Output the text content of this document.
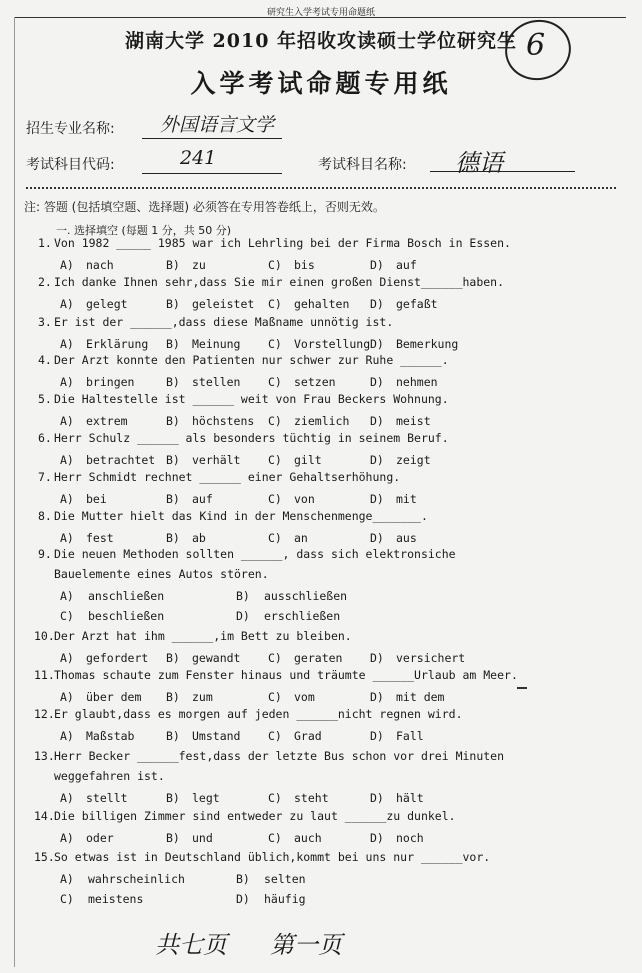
研究生入学考试专用命题纸
湖南大学 2010 年招收攻读硕士学位研究生
入学考试命题专用纸
6
招生专业名称: 外国语言文学
考试科目代码:	241	考试科目名称: 德语
注: 答题 (包括填空题、选择题) 必须答在专用答卷纸上，否则无效。
一. 选择填空 (每题 1 分，共 50 分)
1. Von 1982 _____ 1985 war ich Lehrling bei der Firma Bosch in Essen.
A) nach	B) zu	C) bis	D) auf
2. Ich danke Ihnen sehr,dass Sie mir einen großen Dienst______haben.
A) gelegt	B) geleistet C) gehalten D) gefaßt
3. Er ist der ______,dass diese Maßname unnötig ist.
A) Erklärung B) Meinung C) Vorstellung D) Bemerkung
4. Der Arzt konnte den Patienten nur schwer zur Ruhe ______.
A) bringen	B) stellen C) setzen	D) nehmen
5. Die Haltestelle ist ______ weit von Frau Beckers Wohnung.
A) extrem	B) höchstens C) ziemlich D) meist
6. Herr Schulz ______ als besonders tüchtig in seinem Beruf.
A) betrachtet B) verhält C) gilt	D) zeigt
7. Herr Schmidt rechnet ______ einer Gehaltserhöhung.
A) bei	B) auf	C) von	D) mit
8. Die Mutter hielt das Kind in der Menschenmenge_______.
A) fest	B) ab	C) an	D) aus
9. Die neuen Methoden sollten ______, dass sich elektronsiche
Bauelemente eines Autos stören.
A) anschließen	B) ausschließen
C) beschließen	D) erschließen
10. Der Arzt hat ihm ______,im Bett zu bleiben.
A) gefordert B) gewandt C) geraten D) versichert
11. Thomas schaute zum Fenster hinaus und träumte ______Urlaub am Meer.
A) über dem B) zum	C) vom	D) mit dem
12. Er glaubt,dass es morgen auf jeden ______nicht regnen wird.
A) Maßstab	B) Umstand C) Grad	D) Fall
13. Herr Becker ______fest,dass der letzte Bus schon vor drei Minuten
weggefahren ist.
A) stellt	B) legt	C) steht	D) hält
14. Die billigen Zimmer sind entweder zu laut ______zu dunkel.
A) oder	B) und	C) auch	D) noch
15. So etwas ist in Deutschland üblich,kommt bei uns nur ______vor.
A) wahrscheinlich	B) selten
C) meistens	D) häufig
共七页 第一页
